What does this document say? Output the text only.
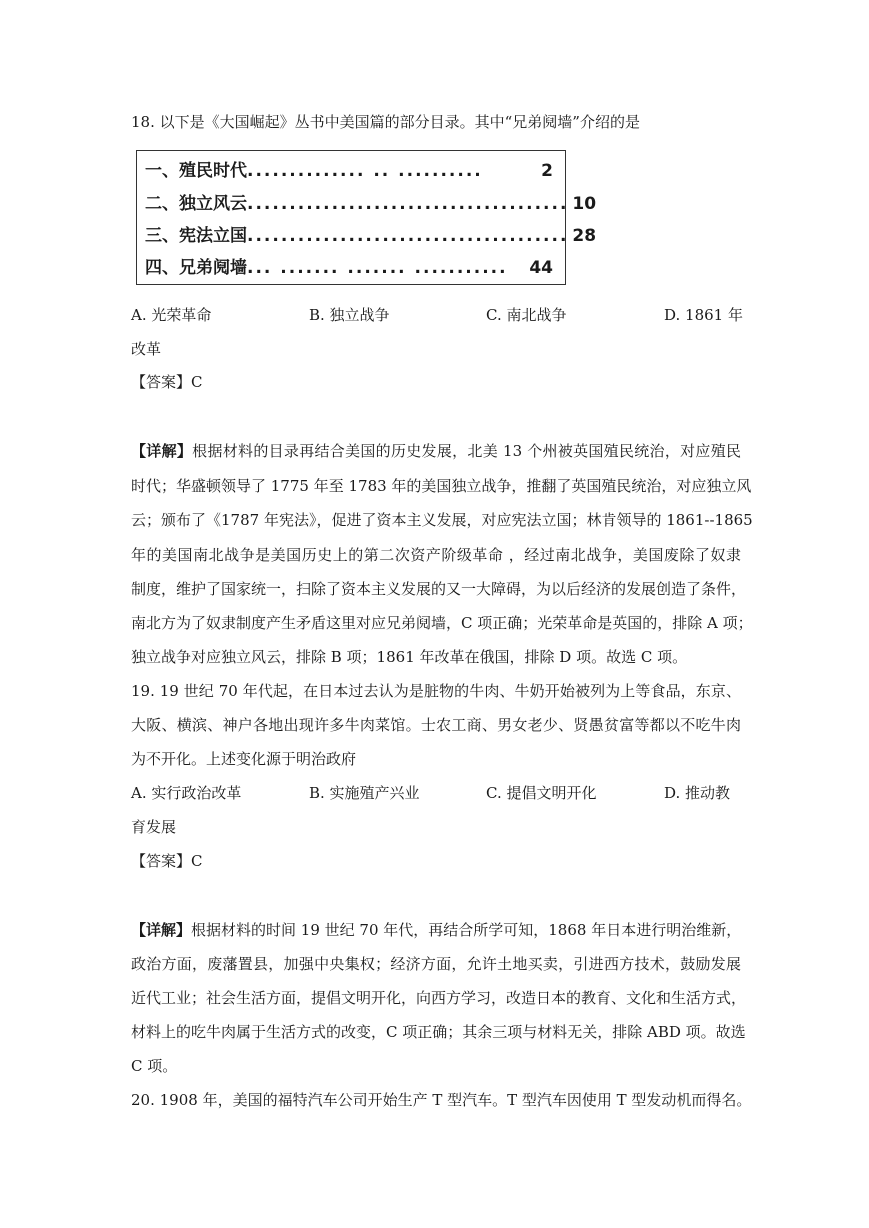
18. 以下是《大国崛起》丛书中美国篇的部分目录。其中“兄弟阋墙”介绍的是
一、殖民时代 .............. .. ..........	2
二、独立风云 ...................................... 10
三、宪法立国 ...................................... 28
四、兄弟阋墙 ... ....... ....... ...........	44
A. 光荣革命	B. 独立战争	C. 南北战争	D. 1861 年
改革
【答案】C
【详解】根据材料的目录再结合美国的历史发展，北美 13 个州被英国殖民统治，对应殖民
时代；华盛顿领导了 1775 年至 1783 年的美国独立战争，推翻了英国殖民统治，对应独立风
云；颁布了《1787 年宪法》，促进了资本主义发展，对应宪法立国；林肯领导的 1861--1865
年的美国南北战争是美国历史上的第二次资产阶级革命 ，经过南北战争，美国废除了奴隶
制度，维护了国家统一，扫除了资本主义发展的又一大障碍，为以后经济的发展创造了条件，
南北方为了奴隶制度产生矛盾这里对应兄弟阋墙，C 项正确；光荣革命是英国的，排除 A 项；
独立战争对应独立风云，排除 B 项；1861 年改革在俄国，排除 D 项。故选 C 项。
19. 19 世纪 70 年代起，在日本过去认为是脏物的牛肉、牛奶开始被列为上等食品，东京、
大阪、横滨、神户各地出现许多牛肉菜馆。士农工商、男女老少、贤愚贫富等都以不吃牛肉
为不开化。上述变化源于明治政府
A. 实行政治改革	B. 实施殖产兴业	C. 提倡文明开化	D. 推动教
育发展
【答案】C
【详解】根据材料的时间 19 世纪 70 年代，再结合所学可知，1868 年日本进行明治维新，
政治方面，废藩置县，加强中央集权；经济方面，允许土地买卖，引进西方技术，鼓励发展
近代工业；社会生活方面，提倡文明开化，向西方学习，改造日本的教育、文化和生活方式，
材料上的吃牛肉属于生活方式的改变，C 项正确；其余三项与材料无关，排除 ABD 项。故选
C 项。
20. 1908 年，美国的福特汽车公司开始生产 T 型汽车。T 型汽车因使用 T 型发动机而得名。
